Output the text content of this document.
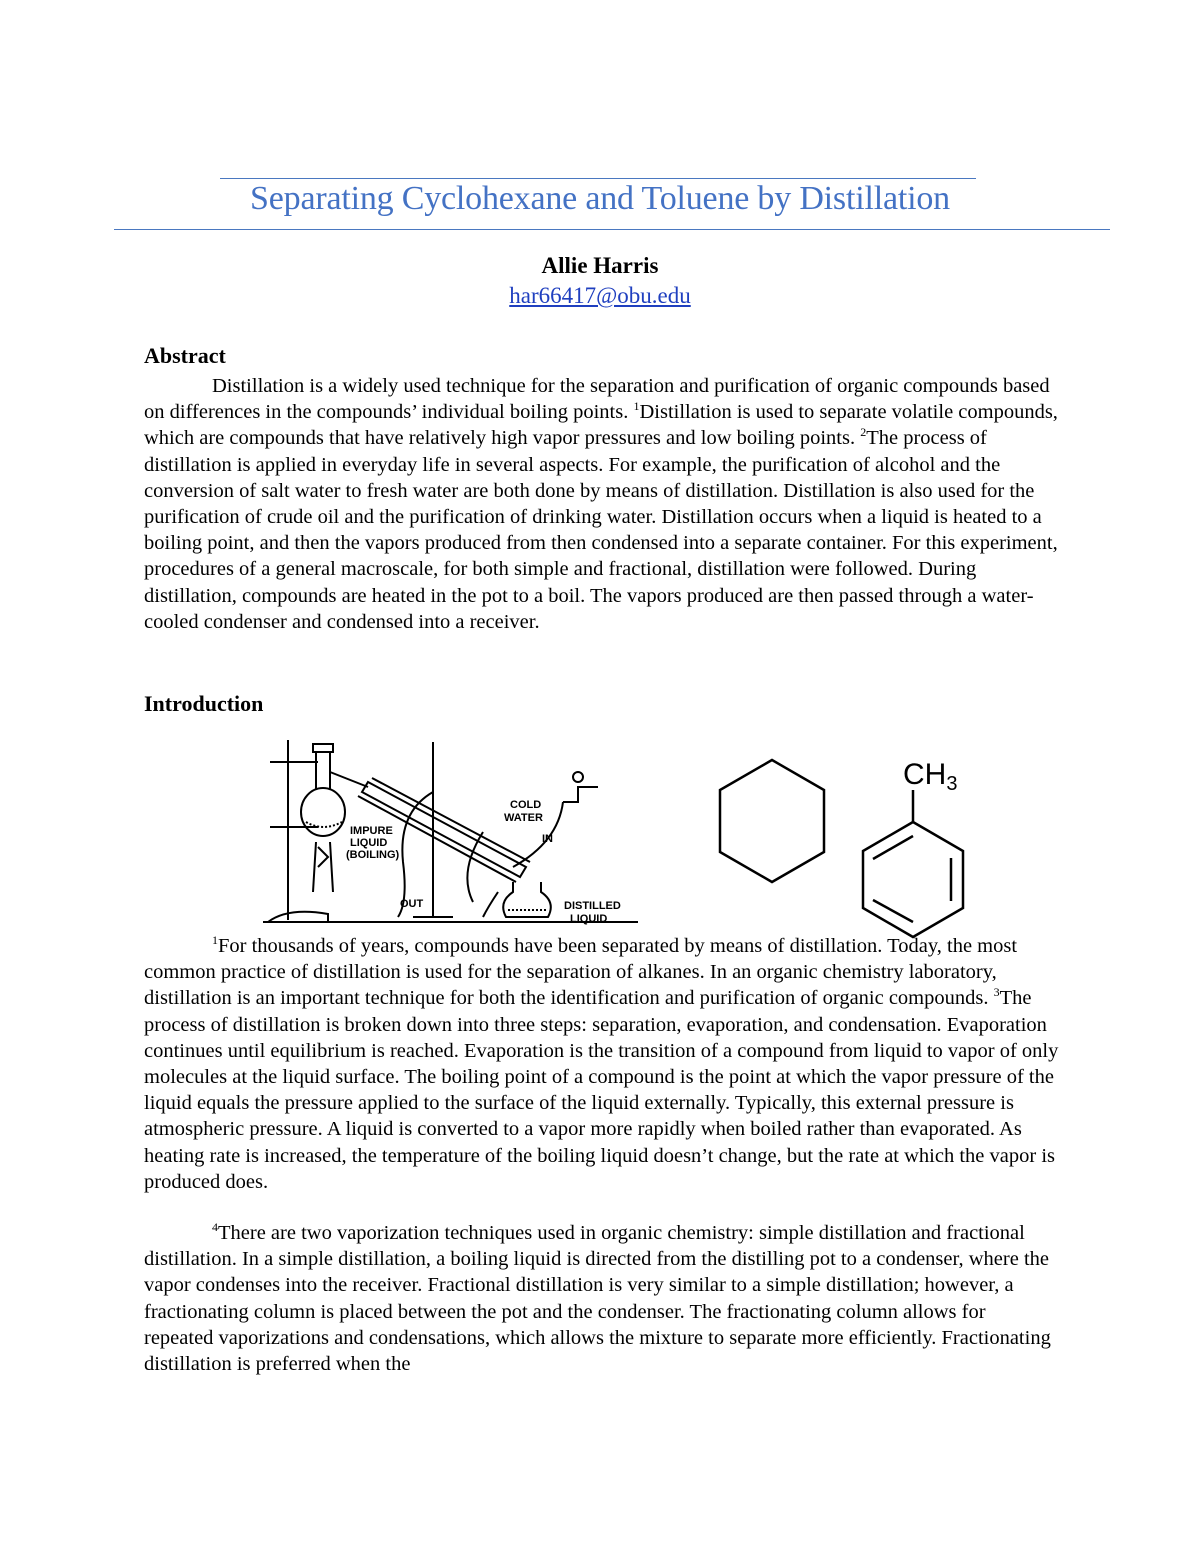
Separating Cyclohexane and Toluene by Distillation
Allie Harris
har66417@obu.edu
Abstract

Distillation is a widely used technique for the separation and purification of organic compounds based on differences in the compounds’ individual boiling points. $^1$Distillation is used to separate volatile compounds, which are compounds that have relatively high vapor pressures and low boiling points. $^2$The process of distillation is applied in everyday life in several aspects. For example, the purification of alcohol and the conversion of salt water to fresh water are both done by means of distillation. Distillation is also used for the purification of crude oil and the purification of drinking water. Distillation occurs when a liquid is heated to a boiling point, and then the vapors produced from then condensed into a separate container. For this experiment, procedures of a general macroscale, for both simple and fractional, distillation were followed. During distillation, compounds are heated in the pot to a boil. The vapors produced are then passed through a water-cooled condenser and condensed into a receiver.

Introduction
COLD
WATER
IN
IMPURE
LIQUID
(BOILING)
OUT	DISTILLED
LIQUID
$CH_3$

$^1$For thousands of years, compounds have been separated by means of distillation. Today, the most common practice of distillation is used for the separation of alkanes. In an organic chemistry laboratory, distillation is an important technique for both the identification and purification of organic compounds. $^3$The process of distillation is broken down into three steps: separation, evaporation, and condensation. Evaporation continues until equilibrium is reached. Evaporation is the transition of a compound from liquid to vapor of only molecules at the liquid surface. The boiling point of a compound is the point at which the vapor pressure of the liquid equals the pressure applied to the surface of the liquid externally. Typically, this external pressure is atmospheric pressure. A liquid is converted to a vapor more rapidly when boiled rather than evaporated. As heating rate is increased, the temperature of the boiling liquid doesn’t change, but the rate at which the vapor is produced does.

$^4$There are two vaporization techniques used in organic chemistry: simple distillation and fractional distillation. In a simple distillation, a boiling liquid is directed from the distilling pot to a condenser, where the vapor condenses into the receiver. Fractional distillation is very similar to a simple distillation; however, a fractionating column is placed between the pot and the condenser. The fractionating column allows for repeated vaporizations and condensations, which allows the mixture to separate more efficiently. Fractionating distillation is preferred when the
